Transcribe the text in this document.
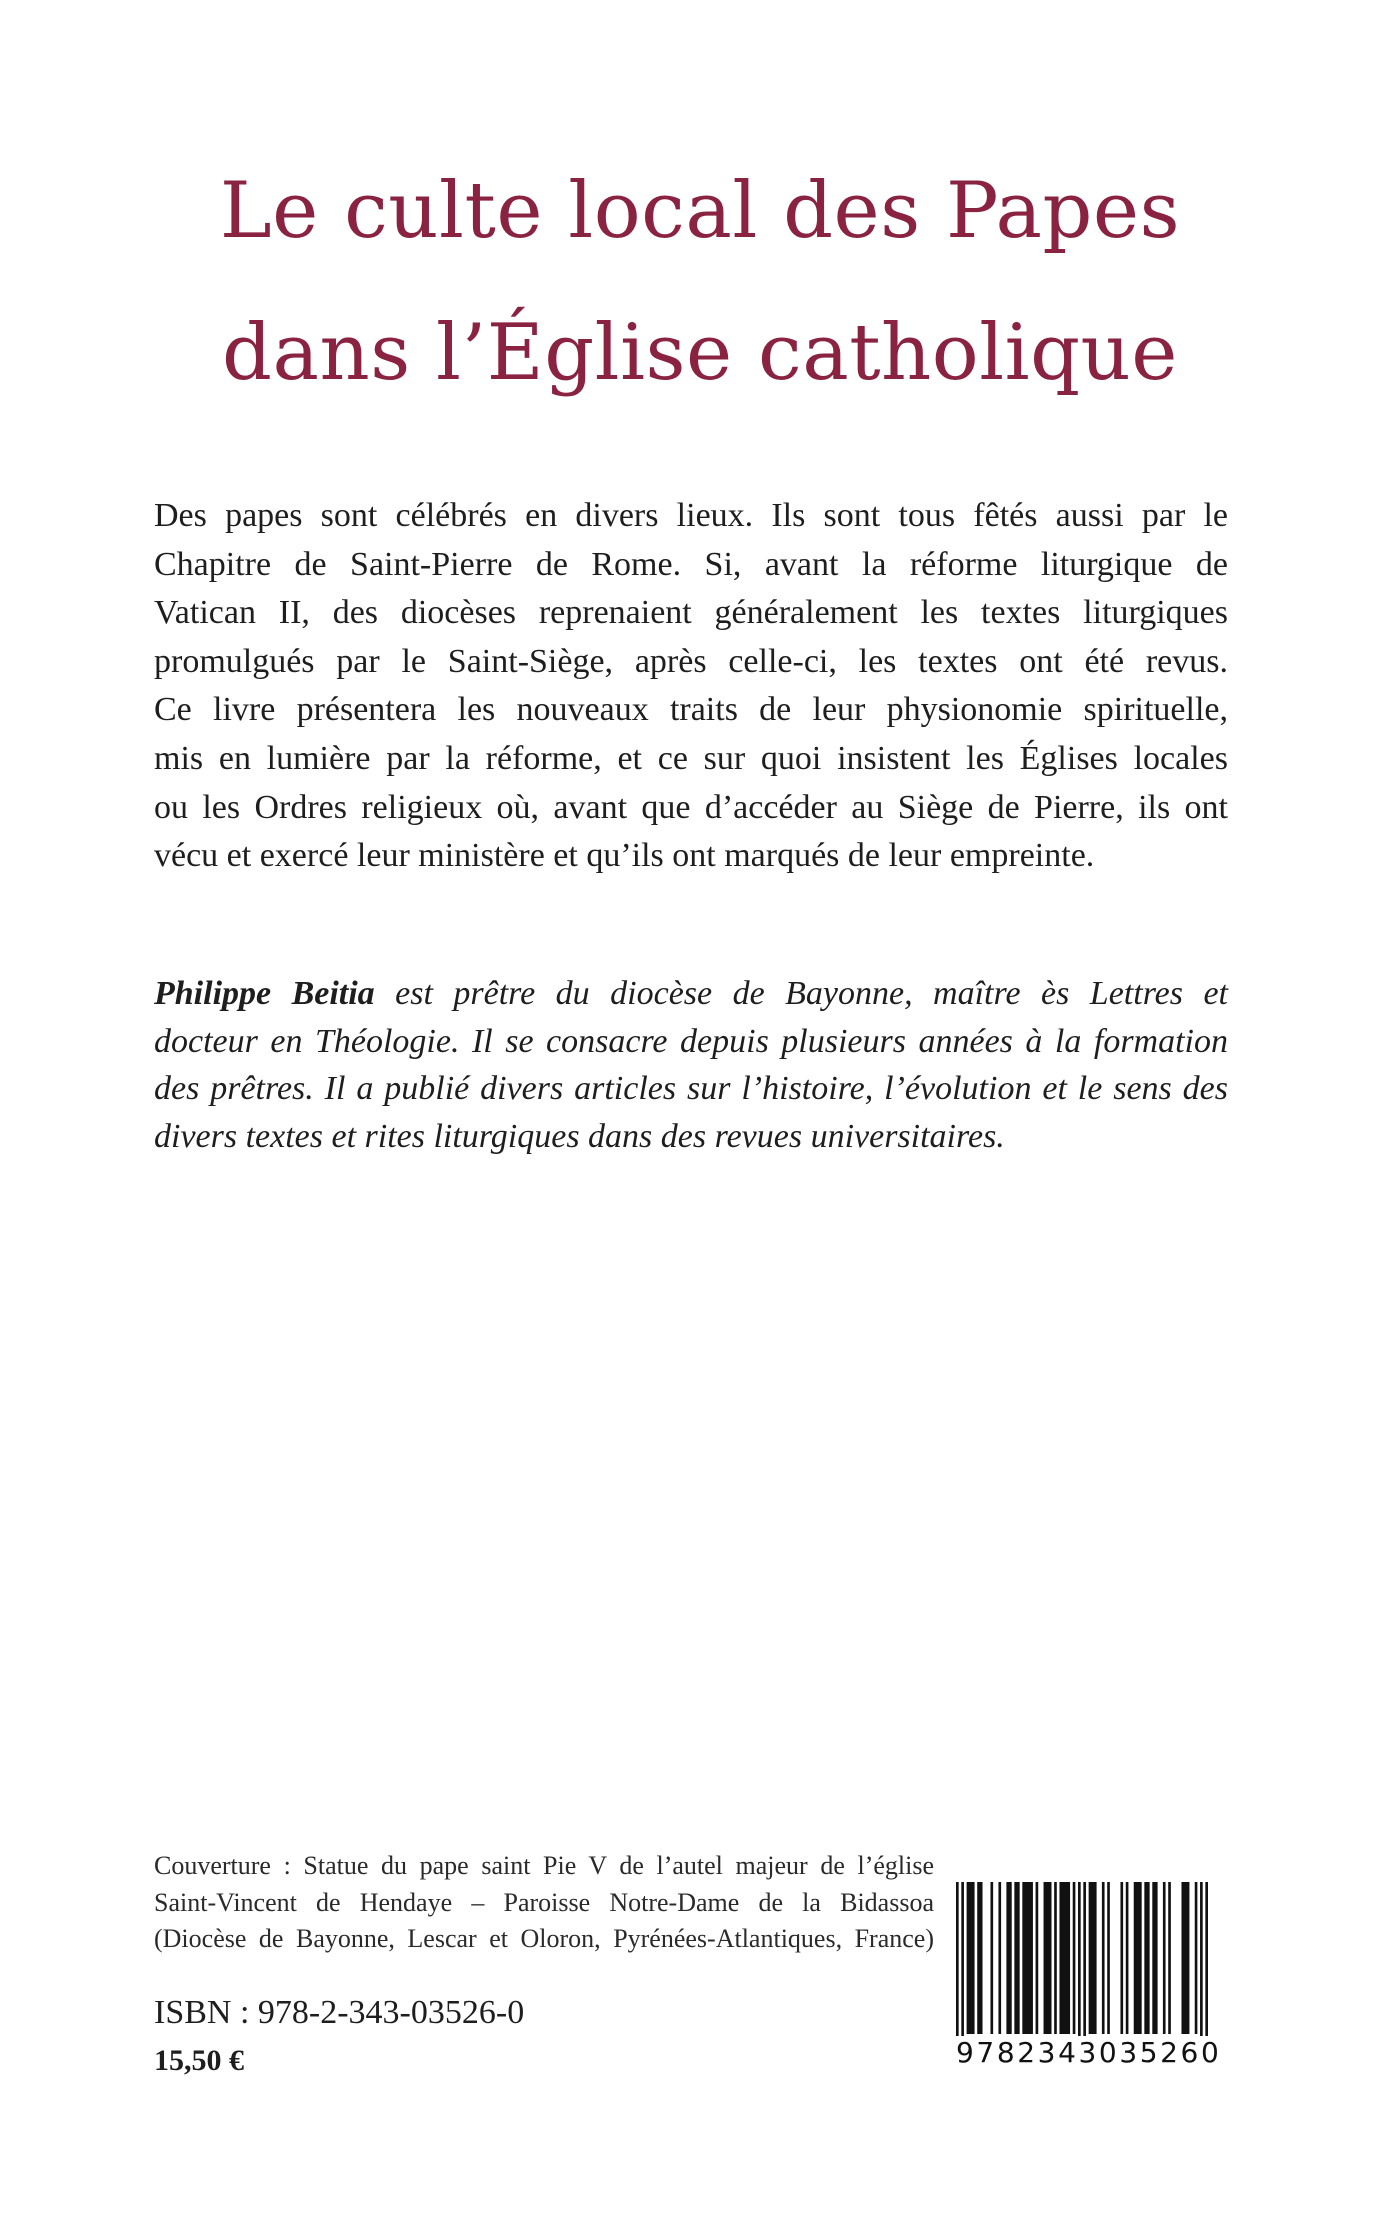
Le culte local des Papes
dans l’Église catholique

Des papes sont célébrés en divers lieux. Ils sont tous fêtés aussi par le
Chapitre de Saint-Pierre de Rome. Si, avant la réforme liturgique de
Vatican II, des diocèses reprenaient généralement les textes liturgiques
promulgués par le Saint-Siège, après celle-ci, les textes ont été revus.
Ce livre présentera les nouveaux traits de leur physionomie spirituelle,
mis en lumière par la réforme, et ce sur quoi insistent les Églises locales
ou les Ordres religieux où, avant que d’accéder au Siège de Pierre, ils ont
vécu et exercé leur ministère et qu’ils ont marqués de leur empreinte.

Philippe Beitia est prêtre du diocèse de Bayonne, maître ès Lettres et
docteur en Théologie. Il se consacre depuis plusieurs années à la formation
des prêtres. Il a publié divers articles sur l’histoire, l’évolution et le sens des
divers textes et rites liturgiques dans des revues universitaires.

Couverture : Statue du pape saint Pie V de l’autel majeur de l’église
Saint-Vincent de Hendaye – Paroisse Notre-Dame de la Bidassoa
(Diocèse de Bayonne, Lescar et Oloron, Pyrénées-Atlantiques, France)

ISBN : 978-2-343-03526-0

15,50 €	9782343035260
